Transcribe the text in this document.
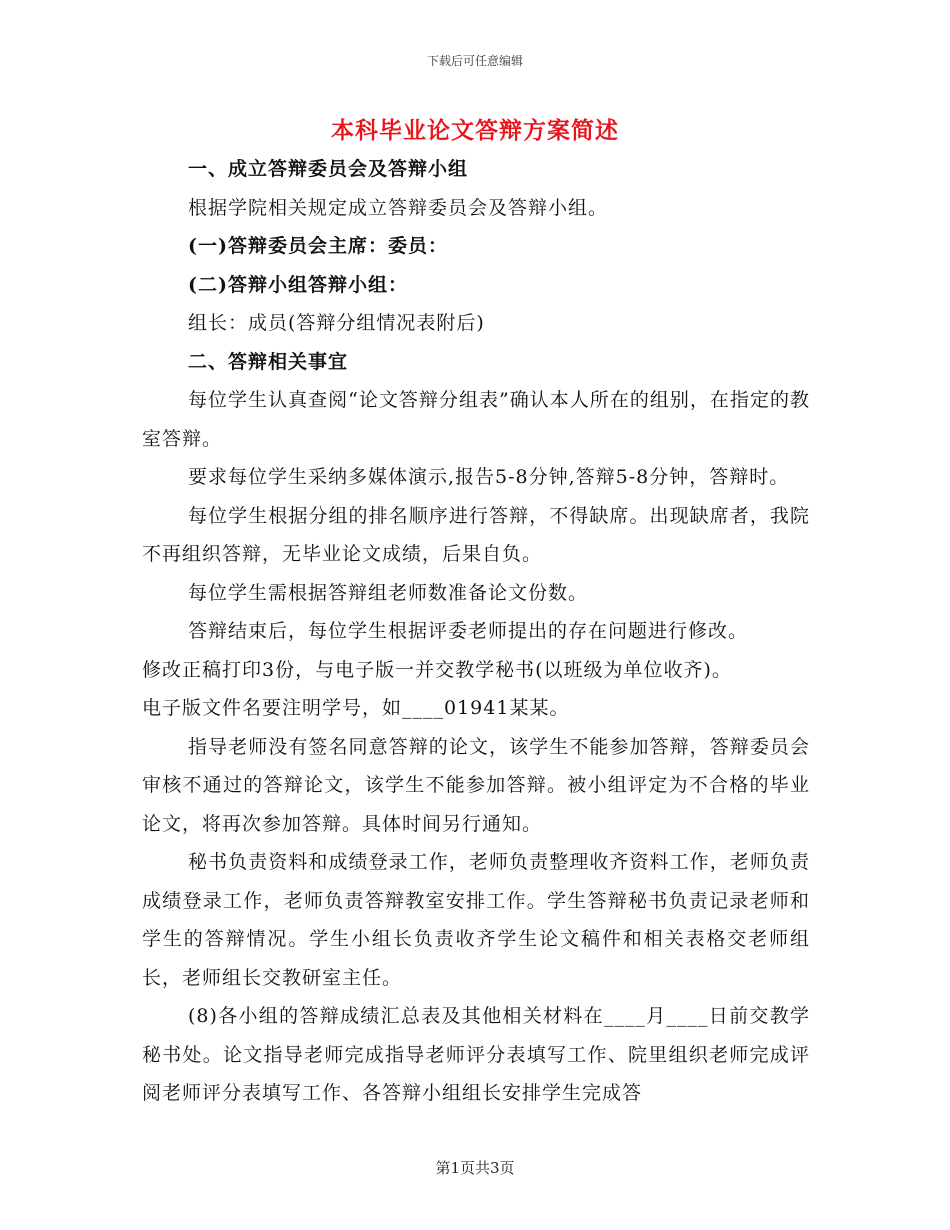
下载后可任意编辑
本科毕业论文答辩方案简述

一、成立答辩委员会及答辩小组

根据学院相关规定成立答辩委员会及答辩小组。

(一)答辩委员会主席：委员：

(二)答辩小组答辩小组：

组长：成员(答辩分组情况表附后)

二、答辩相关事宜

每位学生认真查阅“论文答辩分组表”确认本人所在的组别，在指定的教室答辩。

要求每位学生采纳多媒体演示,报告5-8分钟,答辩5-8分钟，答辩时。

每位学生根据分组的排名顺序进行答辩，不得缺席。出现缺席者，我院不再组织答辩，无毕业论文成绩，后果自负。

每位学生需根据答辩组老师数准备论文份数。

答辩结束后，每位学生根据评委老师提出的存在问题进行修改。

修改正稿打印3份，与电子版一并交教学秘书(以班级为单位收齐)。

电子版文件名要注明学号，如____01941某某。

指导老师没有签名同意答辩的论文，该学生不能参加答辩，答辩委员会审核不通过的答辩论文，该学生不能参加答辩。被小组评定为不合格的毕业论文，将再次参加答辩。具体时间另行通知。

秘书负责资料和成绩登录工作，老师负责整理收齐资料工作，老师负责成绩登录工作，老师负责答辩教室安排工作。学生答辩秘书负责记录老师和学生的答辩情况。学生小组长负责收齐学生论文稿件和相关表格交老师组长，老师组长交教研室主任。

(8)各小组的答辩成绩汇总表及其他相关材料在____月____日前交教学秘书处。论文指导老师完成指导老师评分表填写工作、院里组织老师完成评阅老师评分表填写工作、各答辩小组组长安排学生完成答

第1页共3页
